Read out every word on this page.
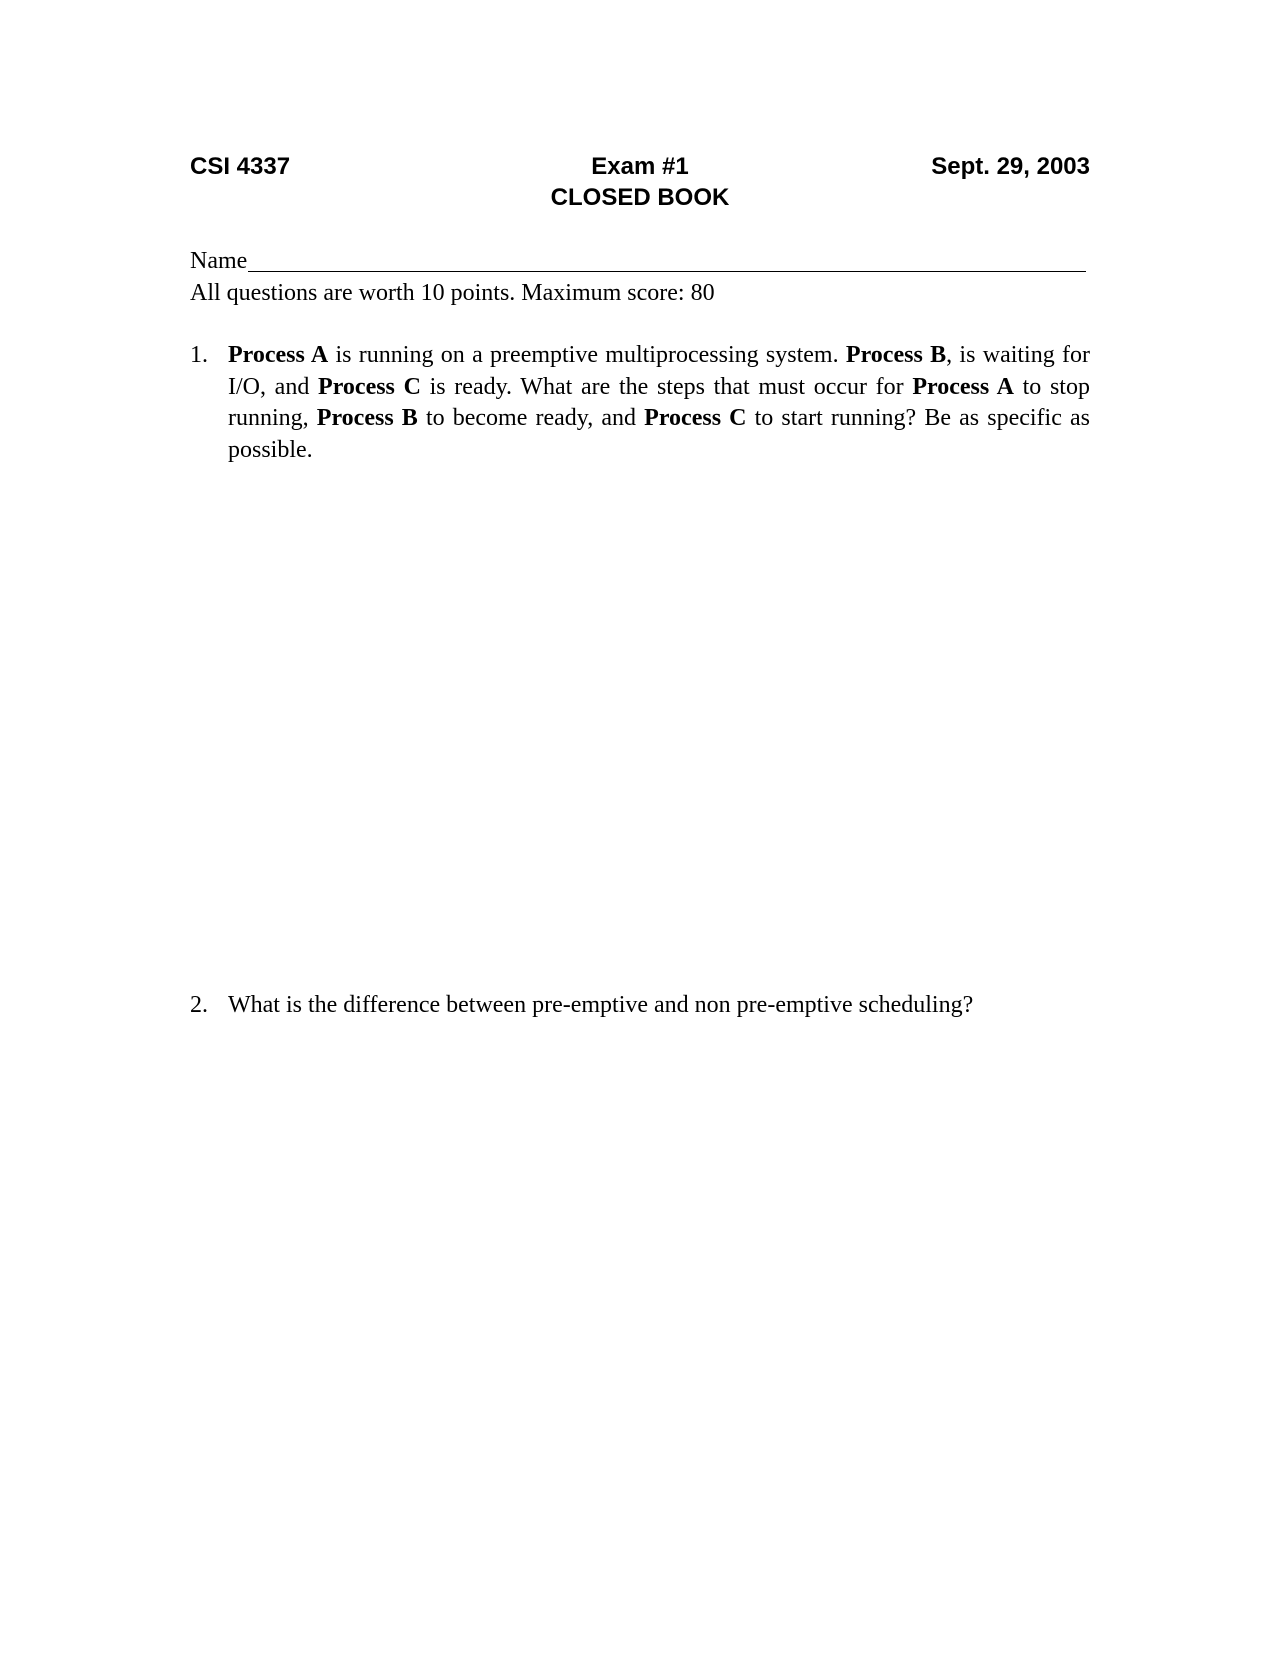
CSI 4337	Exam #1	Sept. 29, 2003
CLOSED BOOK
Name
All questions are worth 10 points. Maximum score: 80
1. Process A is running on a preemptive multiprocessing system. Process B, is waiting for I/O, and Process C is ready. What are the steps that must occur for Process A to stop running, Process B to become ready, and Process C to start running? Be as specific as possible.
2. What is the difference between pre-emptive and non pre-emptive scheduling?
